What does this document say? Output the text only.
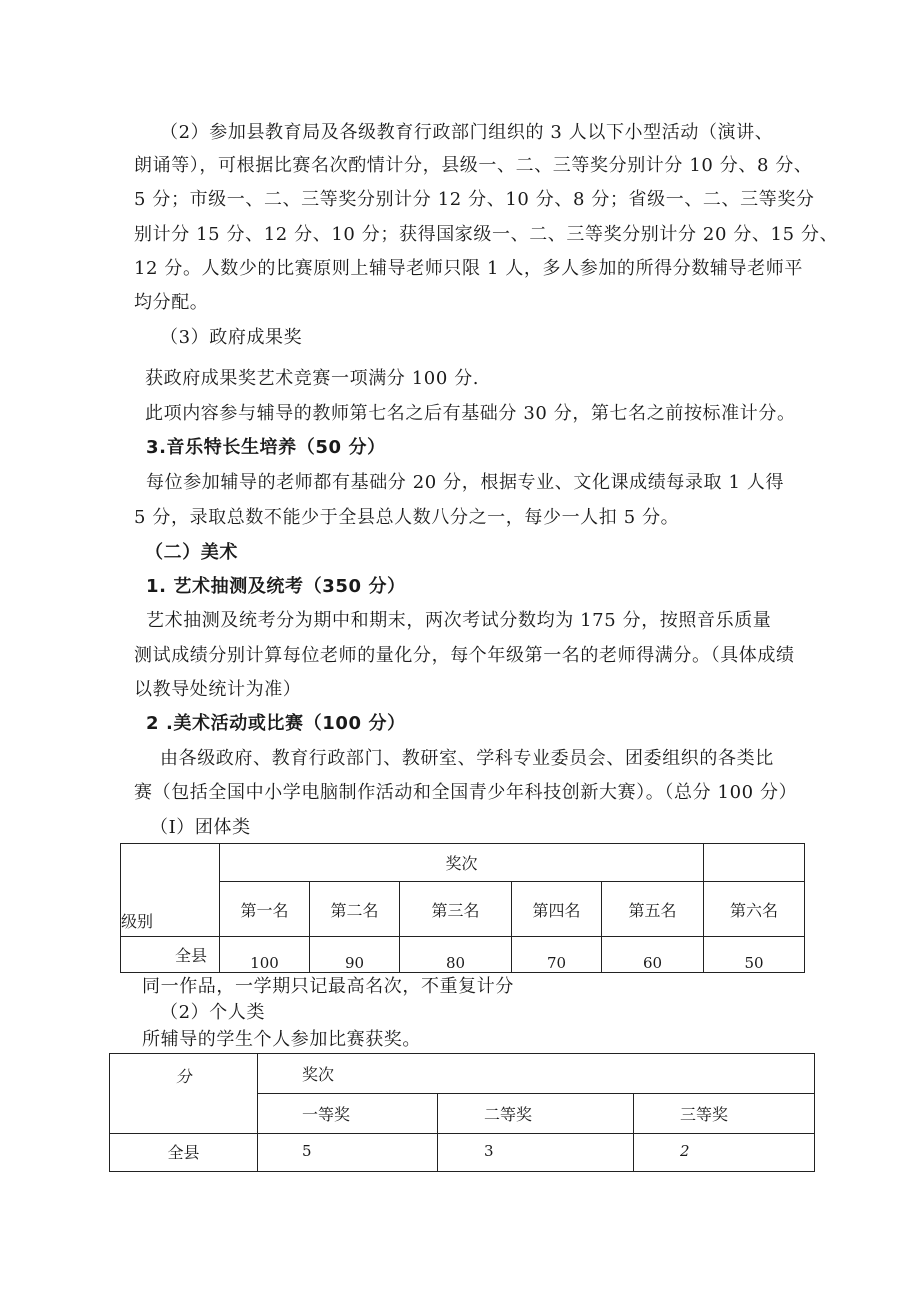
（2）参加县教育局及各级教育行政部门组织的 3 人以下小型活动（演讲、
朗诵等），可根据比赛名次酌情计分，县级一、二、三等奖分别计分 10 分、8 分、
5 分；市级一、二、三等奖分别计分 12 分、10 分、8 分；省级一、二、三等奖分
别计分 15 分、12 分、10 分；获得国家级一、二、三等奖分别计分 20 分、15 分、
12 分。人数少的比赛原则上辅导老师只限 1 人，多人参加的所得分数辅导老师平
均分配。
（3）政府成果奖
获政府成果奖艺术竞赛一项满分 100 分.
此项内容参与辅导的教师第七名之后有基础分 30 分，第七名之前按标准计分。
3.音乐特长生培养（50 分）
每位参加辅导的老师都有基础分 20 分，根据专业、文化课成绩每录取 1 人得
5 分，录取总数不能少于全县总人数八分之一，每少一人扣 5 分。
（二）美术
1. 艺术抽测及统考（350 分）
艺术抽测及统考分为期中和期末，两次考试分数均为 175 分，按照音乐质量
测试成绩分别计算每位老师的量化分，每个年级第一名的老师得满分。（具体成绩
以教导处统计为准）
2 .美术活动或比赛（100 分）
由各级政府、教育行政部门、教研室、学科专业委员会、团委组织的各类比
赛（包括全国中小学电脑制作活动和全国青少年科技创新大赛）。（总分 100 分）
（I）团体类
级别	奖次					
	第一名	第二名	第三名	第四名	第五名	第六名
全县	100	90	80	70	60	50
同一作品，一学期只记最高名次，不重复计分
（2）个人类
所辅导的学生个人参加比赛获奖。
分	奖次		
	一等奖	二等奖	三等奖
全县	5	3	2
